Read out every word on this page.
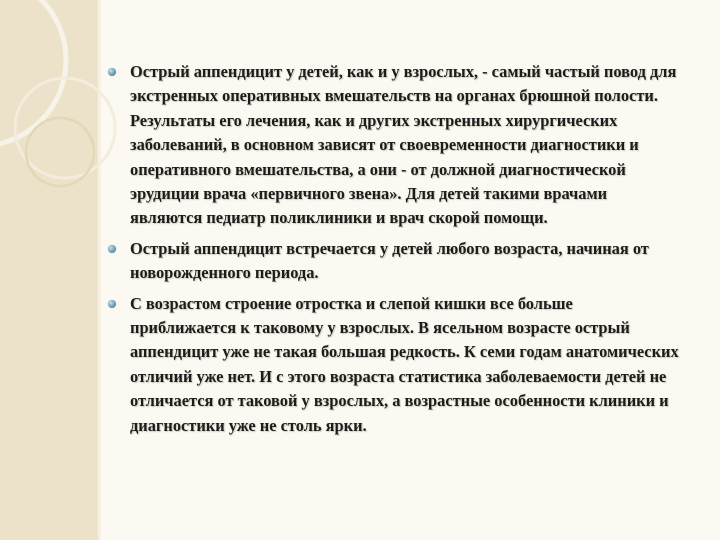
Острый аппендицит у детей, как и у взрослых, - самый частый повод для экстренных оперативных вмешательств на органах брюшной полости. Результаты его лечения, как и других экстренных хирургических заболеваний, в основном зависят от своевременности диагностики и оперативного вмешательства, а они - от должной диагностической эрудиции врача «первичного звена». Для детей такими врачами являются педиатр поликлиники и врач скорой помощи.
Острый аппендицит встречается у детей любого возраста, начиная от новорожденного периода.
С возрастом строение отростка и слепой кишки все больше приближается к таковому у взрослых. В ясельном возрасте острый аппендицит уже не такая большая редкость. К семи годам анатомических отличий уже нет. И с этого возраста статистика заболеваемости детей не отличается от таковой у взрослых, а возрастные особенности клиники и диагностики уже не столь ярки.
